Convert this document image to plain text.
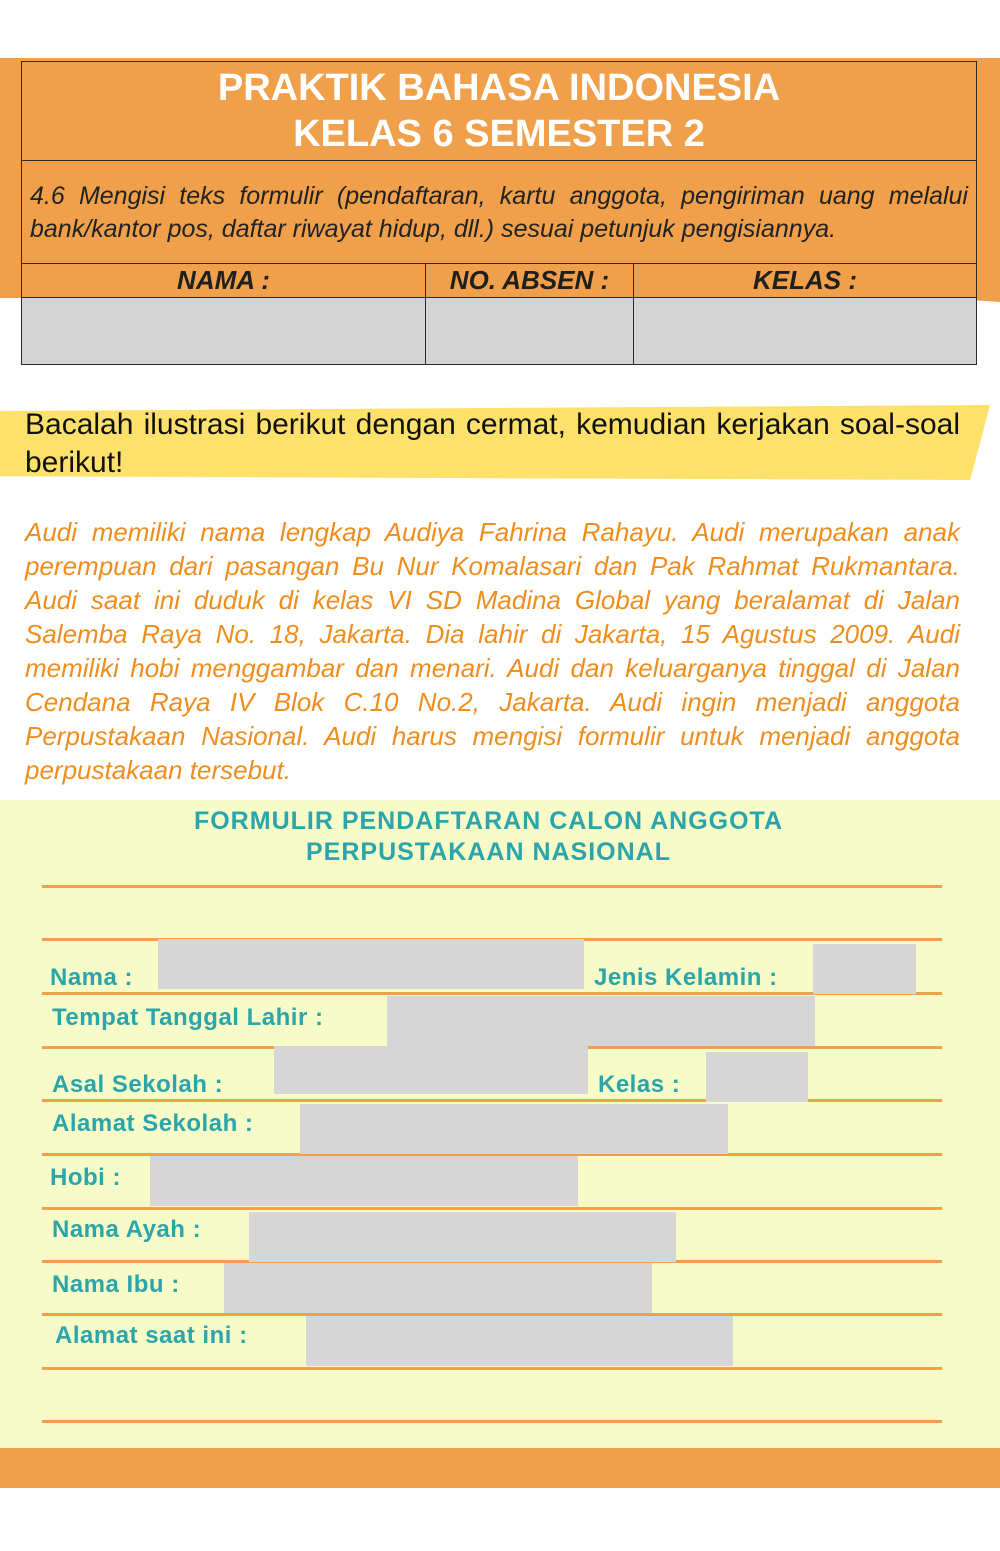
PRAKTIK BAHASA INDONESIA
KELAS 6 SEMESTER 2		

4.6 Mengisi teks formulir (pendaftaran, kartu anggota, pengiriman uang melalui bank/kantor pos, daftar riwayat hidup, dll.) sesuai petunjuk pengisiannya.		
NAMA :	NO. ABSEN :	KELAS :

Bacalah ilustrasi berikut dengan cermat, kemudian kerjakan soal-soal berikut!

Audi memiliki nama lengkap Audiya Fahrina Rahayu. Audi merupakan anak perempuan dari pasangan Bu Nur Komalasari dan Pak Rahmat Rukmantara. Audi saat ini duduk di kelas VI SD Madina Global yang beralamat di Jalan Salemba Raya No. 18, Jakarta. Dia lahir di Jakarta, 15 Agustus 2009. Audi memiliki hobi menggambar dan menari. Audi dan keluarganya tinggal di Jalan Cendana Raya IV Blok C.10 No.2, Jakarta. Audi ingin menjadi anggota Perpustakaan Nasional. Audi harus mengisi formulir untuk menjadi anggota perpustakaan tersebut.

FORMULIR PENDAFTARAN CALON ANGGOTA
PERPUSTAKAAN NASIONAL
Nama :	Jenis Kelamin :
Tempat Tanggal Lahir :
Asal Sekolah :	Kelas :
Alamat Sekolah :
Hobi :
Nama Ayah :
Nama Ibu :
Alamat saat ini :
